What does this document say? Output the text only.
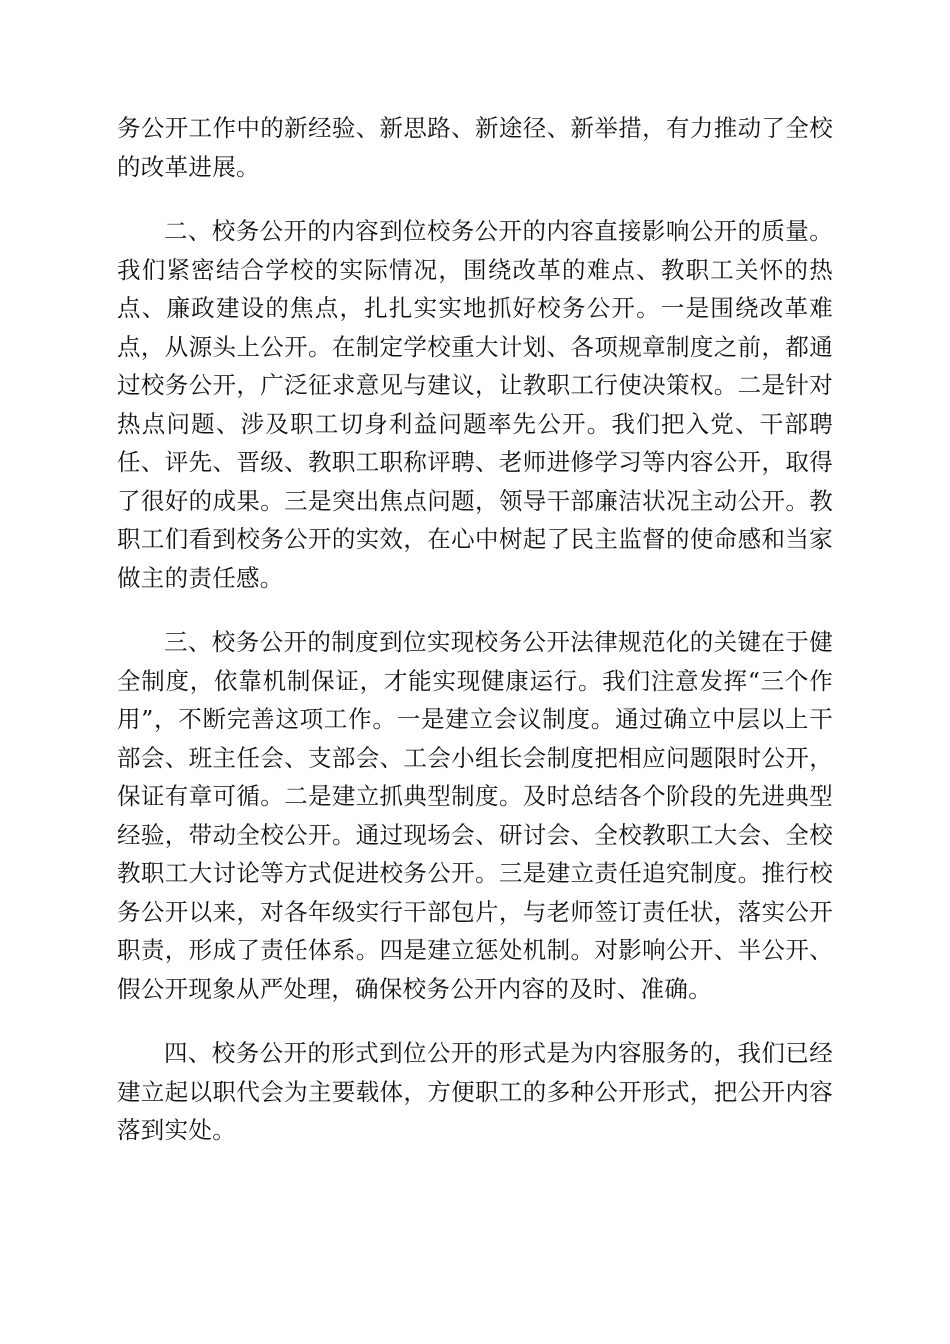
务公开工作中的新经验、新思路、新途径、新举措，有力推动了全校的改革进展。

二、校务公开的内容到位校务公开的内容直接影响公开的质量。我们紧密结合学校的实际情况，围绕改革的难点、教职工关怀的热点、廉政建设的焦点，扎扎实实地抓好校务公开。一是围绕改革难点，从源头上公开。在制定学校重大计划、各项规章制度之前，都通过校务公开，广泛征求意见与建议，让教职工行使决策权。二是针对热点问题、涉及职工切身利益问题率先公开。我们把入党、干部聘任、评先、晋级、教职工职称评聘、老师进修学习等内容公开，取得了很好的成果。三是突出焦点问题，领导干部廉洁状况主动公开。教职工们看到校务公开的实效，在心中树起了民主监督的使命感和当家做主的责任感。

三、校务公开的制度到位实现校务公开法律规范化的关键在于健全制度，依靠机制保证，才能实现健康运行。我们注意发挥“三个作用”，不断完善这项工作。一是建立会议制度。通过确立中层以上干部会、班主任会、支部会、工会小组长会制度把相应问题限时公开，保证有章可循。二是建立抓典型制度。及时总结各个阶段的先进典型经验，带动全校公开。通过现场会、研讨会、全校教职工大会、全校教职工大讨论等方式促进校务公开。三是建立责任追究制度。推行校务公开以来，对各年级实行干部包片，与老师签订责任状，落实公开职责，形成了责任体系。四是建立惩处机制。对影响公开、半公开、假公开现象从严处理，确保校务公开内容的及时、准确。

四、校务公开的形式到位公开的形式是为内容服务的，我们已经建立起以职代会为主要载体，方便职工的多种公开形式，把公开内容落到实处。
